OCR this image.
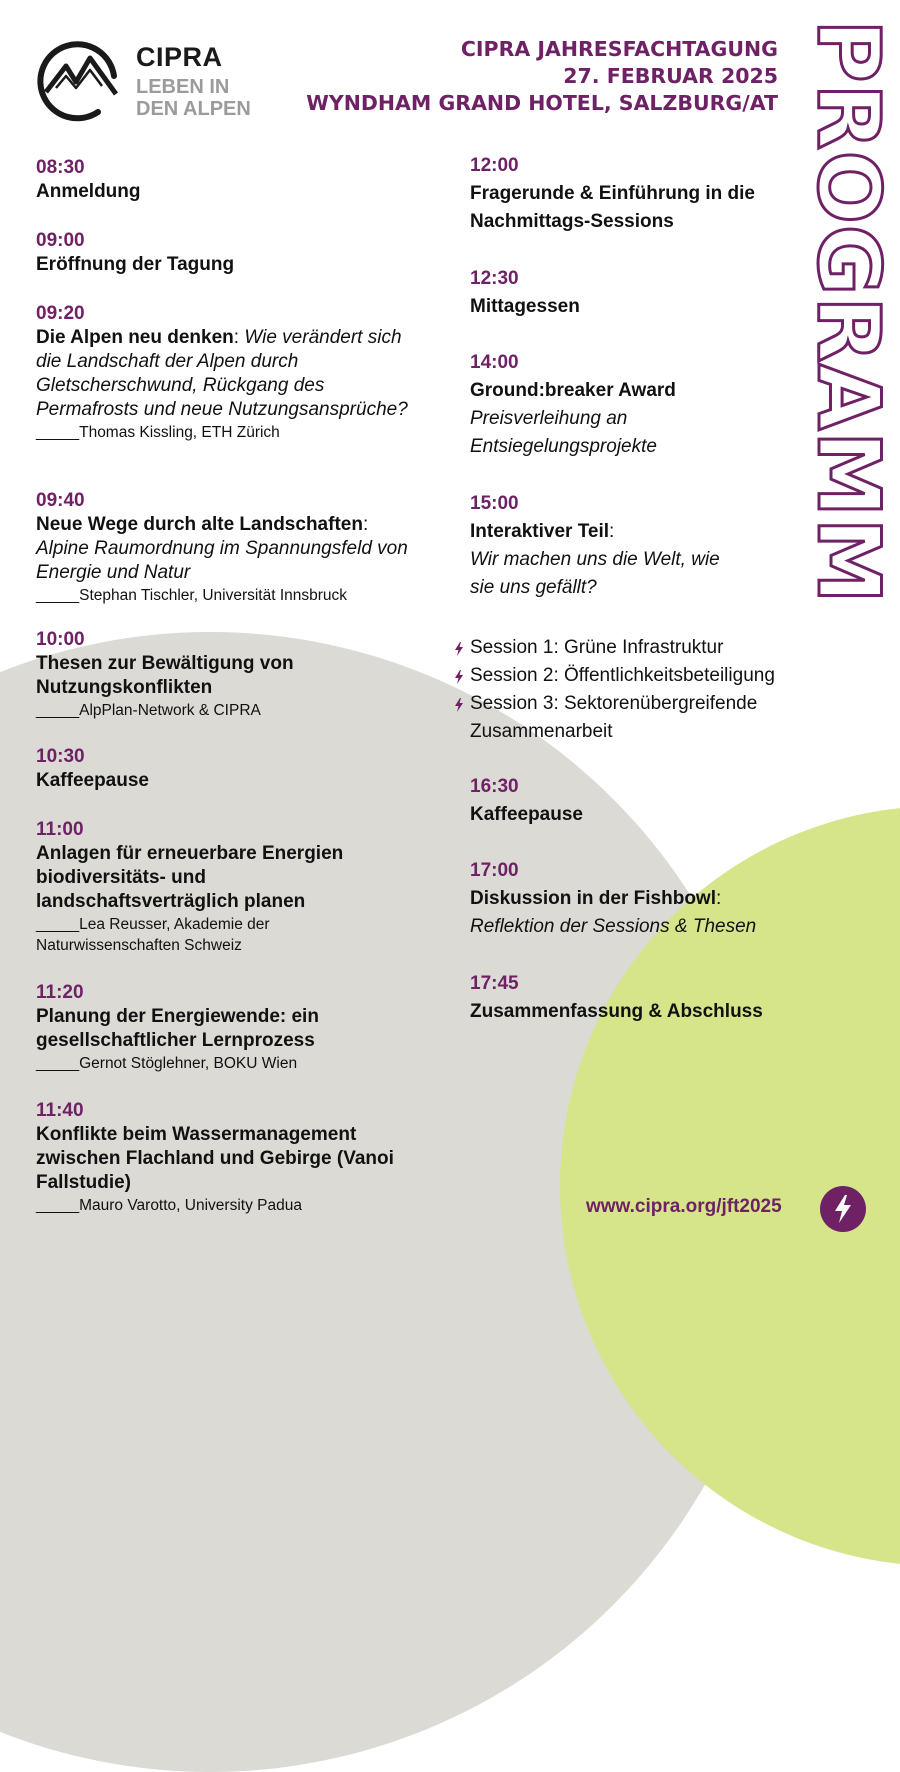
CIPRA
LEBEN IN
DEN ALPEN
CIPRA JAHRESFACHTAGUNG
27. FEBRUAR 2025
WYNDHAM GRAND HOTEL, SALZBURG/AT PROGRAMM
08:30
Anmeldung
09:00
Eröffnung der Tagung
09:20
Die Alpen neu denken: Wie verändert sich die Landschaft der Alpen durch Gletscherschwund, Rückgang des Permafrosts und neue Nutzungsansprüche?
_____Thomas Kissling, ETH Zürich
09:40
Neue Wege durch alte Landschaften:
Alpine Raumordnung im Spannungsfeld von Energie und Natur
_____Stephan Tischler, Universität Innsbruck
10:00
Thesen zur Bewältigung von Nutzungskonflikten
_____AlpPlan-Network & CIPRA
10:30
Kaffeepause
11:00
Anlagen für erneuerbare Energien biodiversitäts- und landschaftsverträglich planen
_____Lea Reusser, Akademie der Naturwissenschaften Schweiz
11:20
Planung der Energiewende: ein gesellschaftlicher Lernprozess
_____Gernot Stöglehner, BOKU Wien
11:40
Konflikte beim Wassermanagement zwischen Flachland und Gebirge (Vanoi Fallstudie)
_____Mauro Varotto, University Padua
12:00
Fragerunde & Einführung in die Nachmittags-Sessions
12:30
Mittagessen
14:00
Ground:breaker Award
Preisverleihung an Entsiegelungsprojekte
15:00
Interaktiver Teil:
Wir machen uns die Welt, wie sie uns gefällt?
Session 1: Grüne Infrastruktur
Session 2: Öffentlichkeitsbeteiligung
Session 3: Sektorenübergreifende
Zusammenarbeit
16:30
Kaffeepause
17:00
Diskussion in der Fishbowl:
Reflektion der Sessions & Thesen
17:45
Zusammenfassung & Abschluss
www.cipra.org/jft2025
